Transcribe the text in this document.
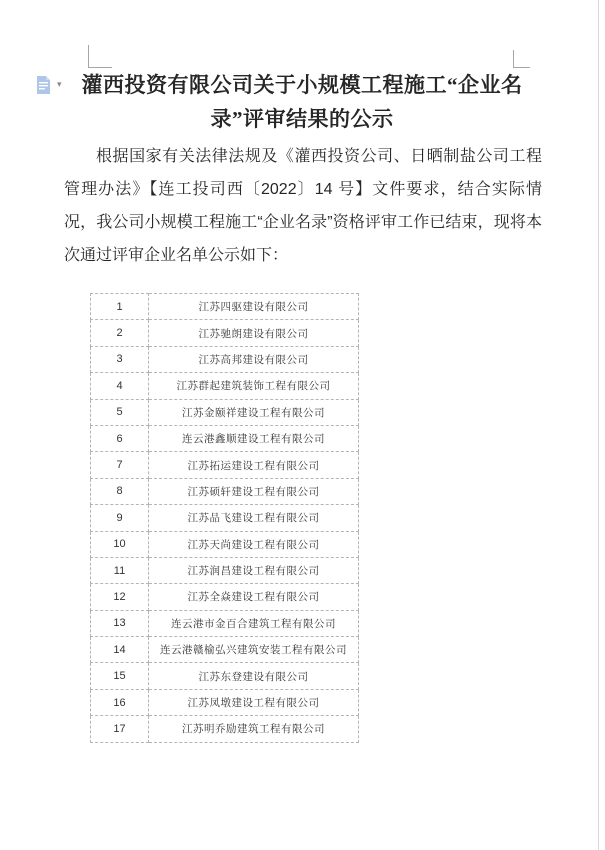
▾ 灌西投资有限公司关于小规模工程施工“企业名录”评审结果的公示

根据国家有关法律法规及《灌西投资公司、日晒制盐公司工程管理办法》【连工投司西〔2022〕14 号】文件要求，结合实际情况，我公司小规模工程施工“企业名录”资格评审工作已结束，现将本次通过评审企业名单公示如下：

1	江苏四驱建设有限公司
2	江苏驰朗建设有限公司
3	江苏高邦建设有限公司
4	江苏群起建筑装饰工程有限公司
5	江苏金颐祥建设工程有限公司
6	连云港鑫顺建设工程有限公司
7	江苏拓运建设工程有限公司
8	江苏硕轩建设工程有限公司
9	江苏品飞建设工程有限公司
10	江苏天尚建设工程有限公司
11	江苏润昌建设工程有限公司
12	江苏全焱建设工程有限公司
13	连云港市金百合建筑工程有限公司
14	连云港赣榆弘兴建筑安装工程有限公司
15	江苏东登建设有限公司
16	江苏凤墩建设工程有限公司
17	江苏明乔励建筑工程有限公司
